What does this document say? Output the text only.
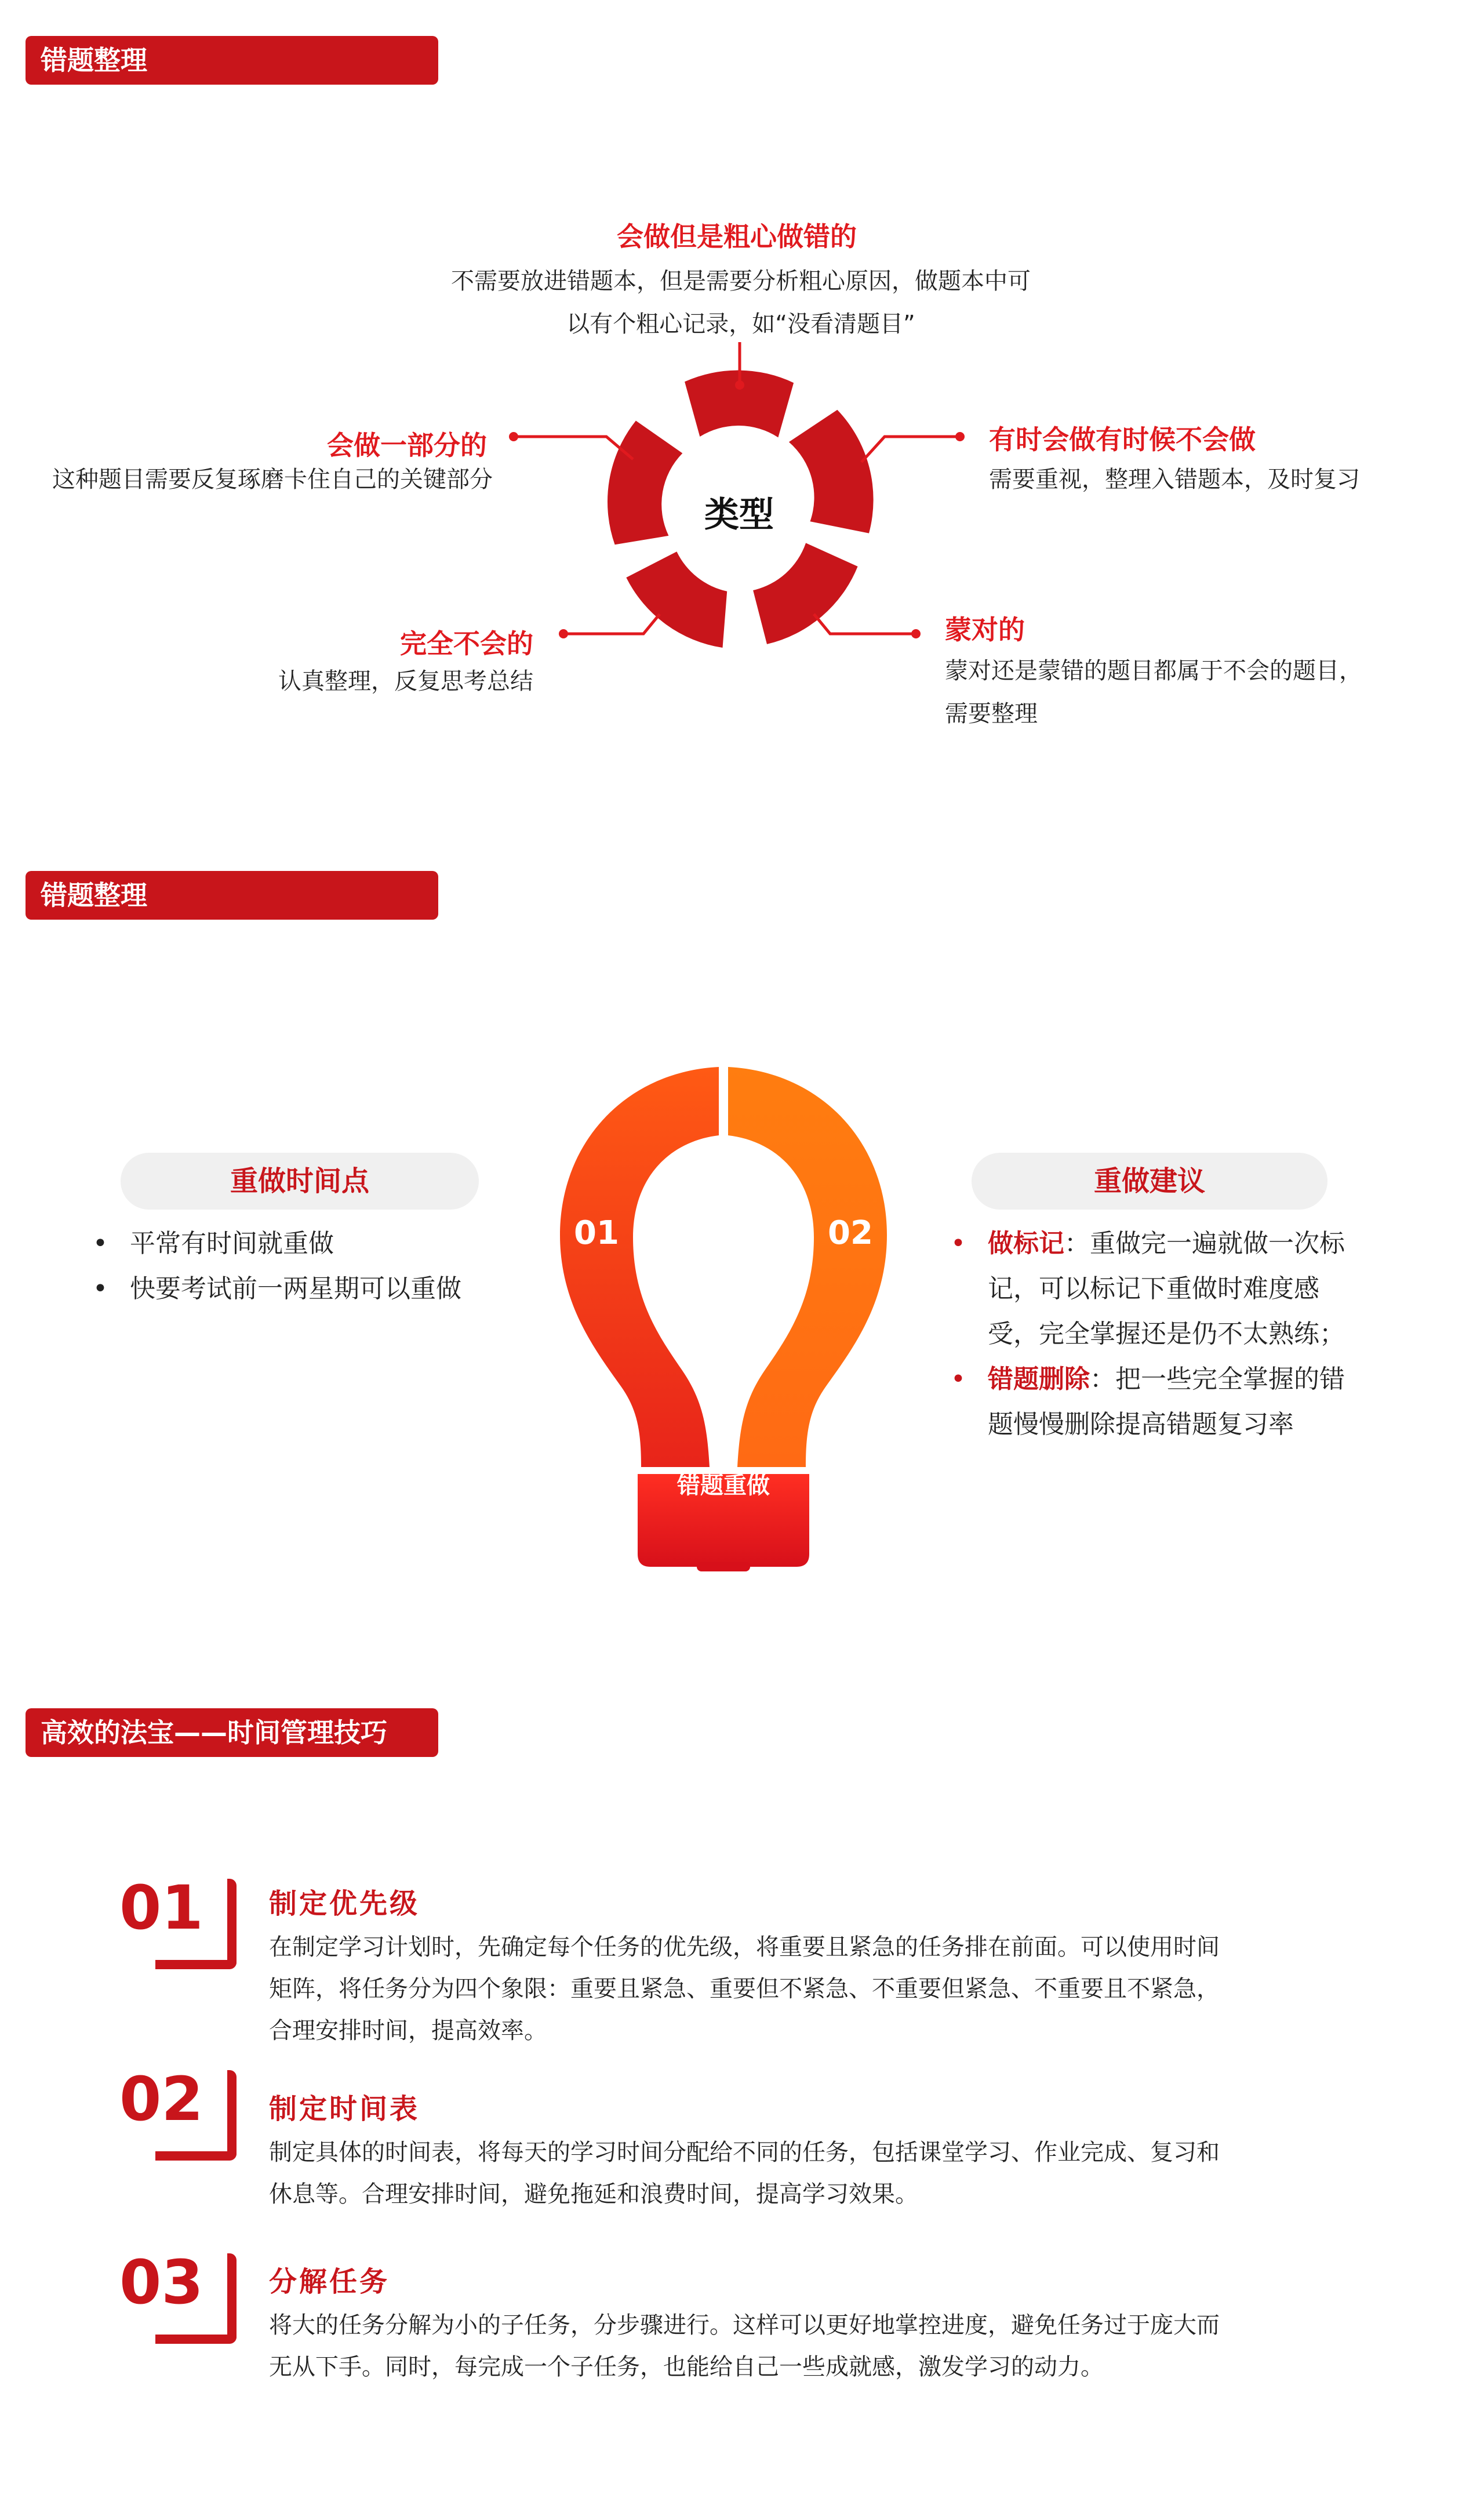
错题整理
类型
会做但是粗心做错的
不需要放进错题本，但是需要分析粗心原因，做题本中可
以有个粗心记录，如“没看清题目”
有时会做有时候不会做
需要重视，整理入错题本，及时复习
蒙对的
蒙对还是蒙错的题目都属于不会的题目，
需要整理
完全不会的
认真整理，反复思考总结
会做一部分的
这种题目需要反复琢磨卡住自己的关键部分
错题整理
重做时间点
• 平常有时间就重做
• 快要考试前一两星期可以重做
01	02
错题重做
重做建议
• 做标记：重做完一遍就做一次标记，可以标记下重做时难度感受，完全掌握还是仍不太熟练；
• 错题删除：把一些完全掌握的错题慢慢删除提高错题复习率
高效的法宝——时间管理技巧
01 制定优先级
在制定学习计划时，先确定每个任务的优先级，将重要且紧急的任务排在前面。可以使用时间
矩阵，将任务分为四个象限：重要且紧急、重要但不紧急、不重要但紧急、不重要且不紧急，
合理安排时间，提高效率。
02 制定时间表
制定具体的时间表，将每天的学习时间分配给不同的任务，包括课堂学习、作业完成、复习和
休息等。合理安排时间，避免拖延和浪费时间，提高学习效果。
03 分解任务
将大的任务分解为小的子任务，分步骤进行。这样可以更好地掌控进度，避免任务过于庞大而
无从下手。同时，每完成一个子任务，也能给自己一些成就感，激发学习的动力。
